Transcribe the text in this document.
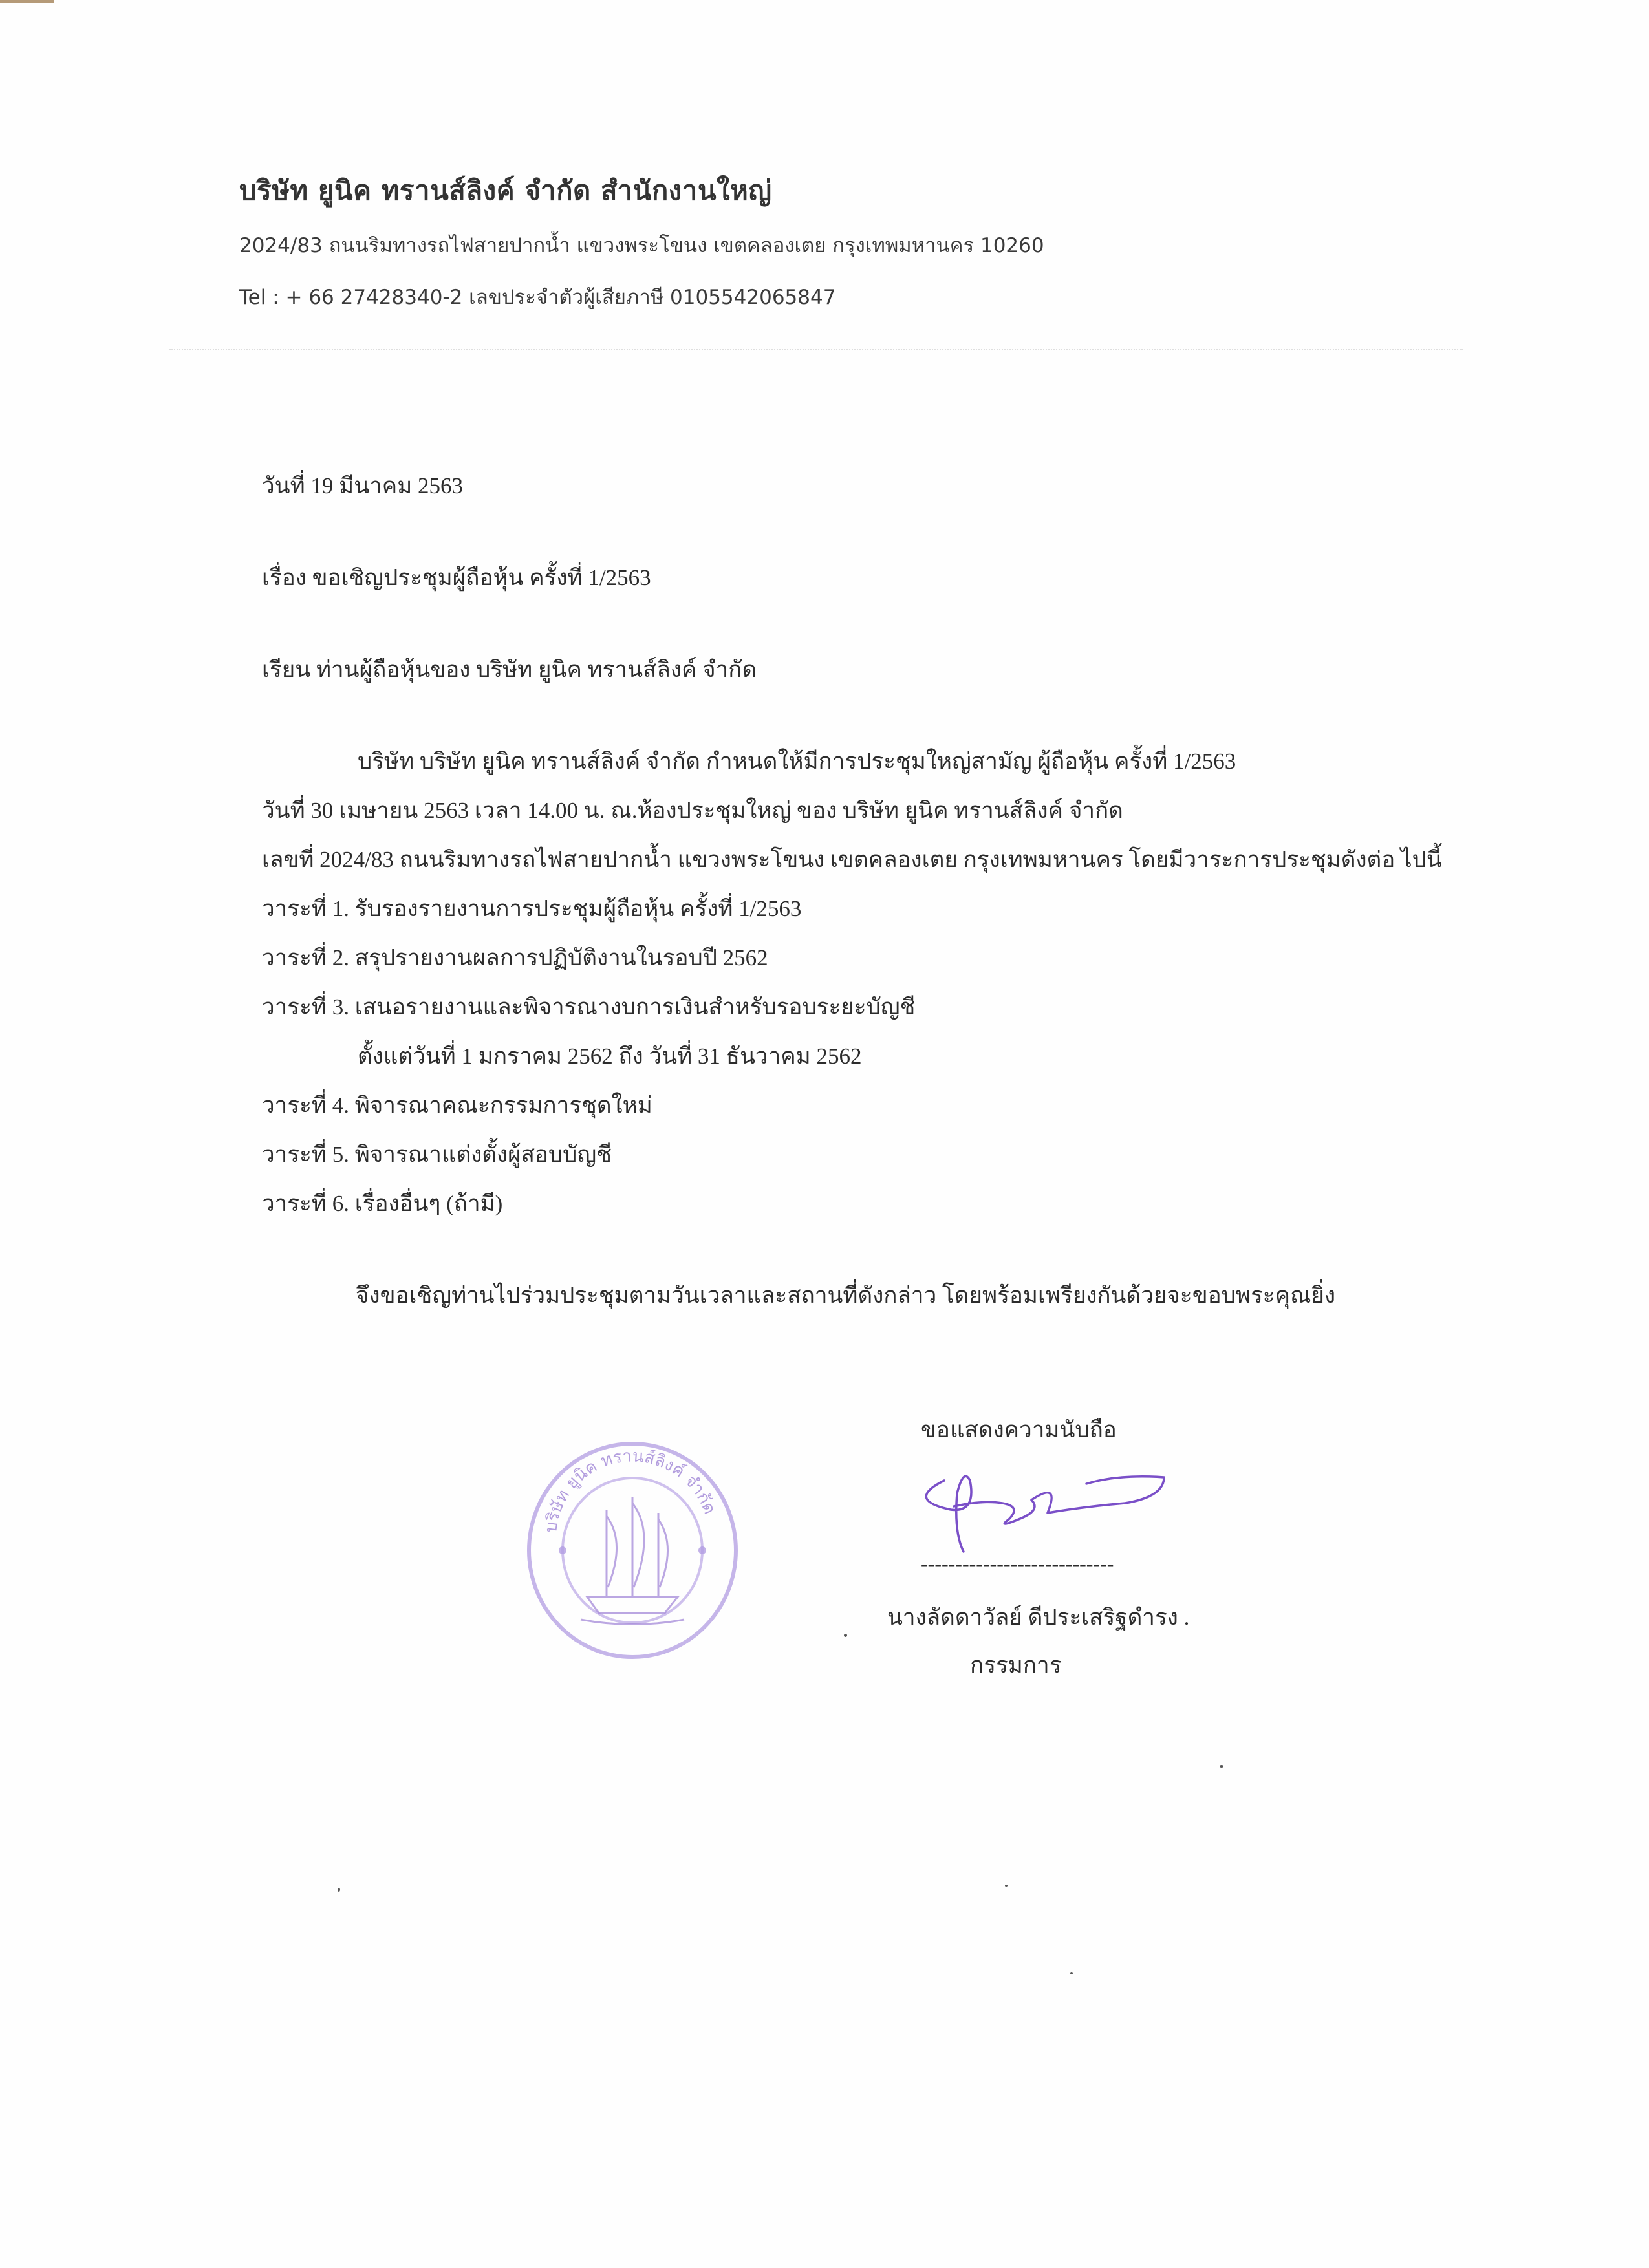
บริษัท ยูนิค ทรานส์ลิงค์ จำกัด สำนักงานใหญ่
2024/83 ถนนริมทางรถไฟสายปากน้ำ แขวงพระโขนง เขตคลองเตย กรุงเทพมหานคร 10260
Tel : + 66 27428340-2 เลขประจำตัวผู้เสียภาษี 0105542065847
วันที่ 19 มีนาคม 2563
เรื่อง ขอเชิญประชุมผู้ถือหุ้น ครั้งที่ 1/2563
เรียน ท่านผู้ถือหุ้นของ บริษัท ยูนิค ทรานส์ลิงค์ จำกัด
บริษัท บริษัท ยูนิค ทรานส์ลิงค์ จำกัด กำหนดให้มีการประชุมใหญ่สามัญ ผู้ถือหุ้น ครั้งที่ 1/2563
วันที่ 30 เมษายน 2563 เวลา 14.00 น. ณ.ห้องประชุมใหญ่ ของ บริษัท ยูนิค ทรานส์ลิงค์ จำกัด
เลขที่ 2024/83 ถนนริมทางรถไฟสายปากน้ำ แขวงพระโขนง เขตคลองเตย กรุงเทพมหานคร โดยมีวาระการประชุมดังต่อ ไปนี้
วาระที่ 1. รับรองรายงานการประชุมผู้ถือหุ้น ครั้งที่ 1/2563
วาระที่ 2. สรุปรายงานผลการปฏิบัติงานในรอบปี 2562
วาระที่ 3. เสนอรายงานและพิจารณางบการเงินสำหรับรอบระยะบัญชี
ตั้งแต่วันที่ 1 มกราคม 2562 ถึง วันที่ 31 ธันวาคม 2562
วาระที่ 4. พิจารณาคณะกรรมการชุดใหม่
วาระที่ 5. พิจารณาแต่งตั้งผู้สอบบัญชี
วาระที่ 6. เรื่องอื่นๆ (ถ้ามี)
จึงขอเชิญท่านไปร่วมประชุมตามวันเวลาและสถานที่ดังกล่าว โดยพร้อมเพรียงกันด้วยจะขอบพระคุณยิ่ง
บริษัท ยูนิค ทรานส์ลิงค์ จำกัด
ขอแสดงความนับถือ
----------------------------
นางลัดดาวัลย์ ดีประเสริฐดำรง .
กรรมการ
